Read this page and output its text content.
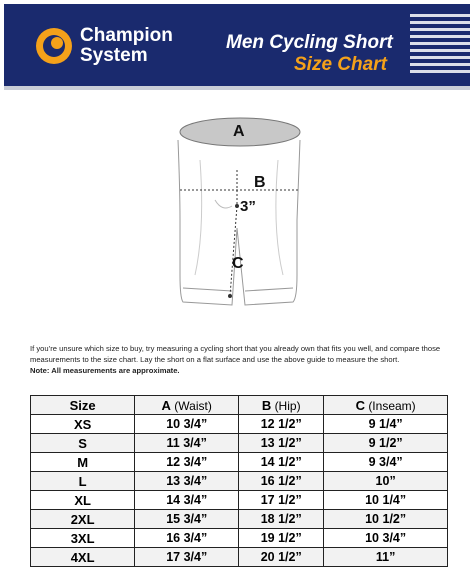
Champion
System
Men Cycling Short
Size Chart
A
B
3”
C
If you’re unsure which size to buy, try measuring a cycling short that you already own that fits you well, and compare those measurements to the size chart. Lay the short on a flat surface and use the above guide to measure the short.
Note: All measurements are approximate.
Size	A (Waist)	B (Hip)	C (Inseam)
XS	10 3/4”	12 1/2”	9 1/4”
S	11 3/4”	13 1/2”	9 1/2”
M	12 3/4”	14 1/2”	9 3/4”
L	13 3/4”	16 1/2”	10”
XL	14 3/4”	17 1/2”	10 1/4”
2XL	15 3/4”	18 1/2”	10 1/2”
3XL	16 3/4”	19 1/2”	10 3/4”
4XL	17 3/4”	20 1/2”	11”
